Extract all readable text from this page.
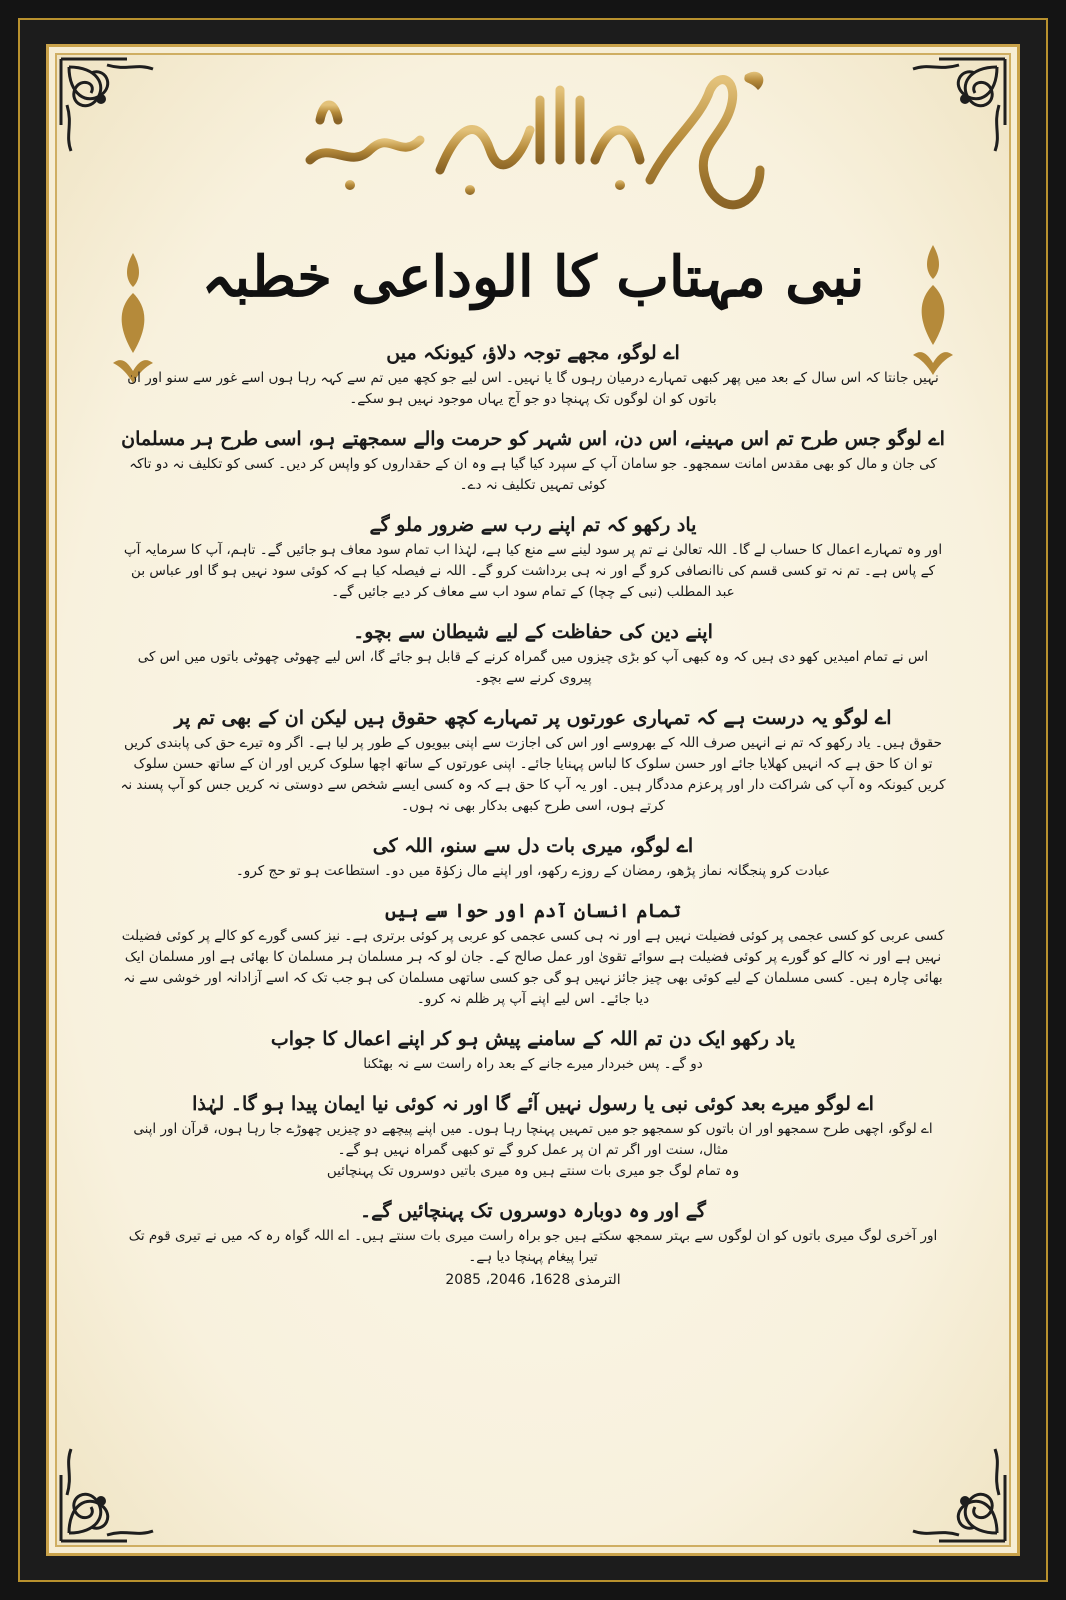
نبی مہتاب کا الوداعی خطبہ

اے لوگو، مجھے توجہ دلاؤ، کیونکہ میں

نہیں جانتا کہ اس سال کے بعد میں پھر کبھی تمہارے درمیان رہوں گا یا نہیں۔ اس لیے جو کچھ میں تم سے کہہ رہا ہوں اسے غور سے سنو اور ان باتوں کو ان لوگوں تک پہنچا دو جو آج یہاں موجود نہیں ہو سکے۔

اے لوگو جس طرح تم اس مہینے، اس دن، اس شہر کو حرمت والے سمجھتے ہو، اسی طرح ہر مسلمان

کی جان و مال کو بھی مقدس امانت سمجھو۔ جو سامان آپ کے سپرد کیا گیا ہے وہ ان کے حقداروں کو واپس کر دیں۔ کسی کو تکلیف نہ دو تاکہ کوئی تمہیں تکلیف نہ دے۔

یاد رکھو کہ تم اپنے رب سے ضرور ملو گے

اور وہ تمہارے اعمال کا حساب لے گا۔ اللہ تعالیٰ نے تم پر سود لینے سے منع کیا ہے، لہٰذا اب تمام سود معاف ہو جائیں گے۔ تاہم، آپ کا سرمایہ آپ کے پاس ہے۔ تم نہ تو کسی قسم کی ناانصافی کرو گے اور نہ ہی برداشت کرو گے۔ اللہ نے فیصلہ کیا ہے کہ کوئی سود نہیں ہو گا اور عباس بن عبد المطلب (نبی کے چچا) کے تمام سود اب سے معاف کر دیے جائیں گے۔

اپنے دین کی حفاظت کے لیے شیطان سے بچو۔

اس نے تمام امیدیں کھو دی ہیں کہ وہ کبھی آپ کو بڑی چیزوں میں گمراہ کرنے کے قابل ہو جائے گا، اس لیے چھوٹی چھوٹی باتوں میں اس کی پیروی کرنے سے بچو۔

اے لوگو یہ درست ہے کہ تمہاری عورتوں پر تمہارے کچھ حقوق ہیں لیکن ان کے بھی تم پر

حقوق ہیں۔ یاد رکھو کہ تم نے انہیں صرف اللہ کے بھروسے اور اس کی اجازت سے اپنی بیویوں کے طور پر لیا ہے۔ اگر وہ تیرے حق کی پابندی کریں تو ان کا حق ہے کہ انہیں کھلایا جائے اور حسن سلوک کا لباس پہنایا جائے۔ اپنی عورتوں کے ساتھ اچھا سلوک کریں اور ان کے ساتھ حسن سلوک کریں کیونکہ وہ آپ کی شراکت دار اور پرعزم مددگار ہیں۔ اور یہ آپ کا حق ہے کہ وہ کسی ایسے شخص سے دوستی نہ کریں جس کو آپ پسند نہ کرتے ہوں، اسی طرح کبھی بدکار بھی نہ ہوں۔

اے لوگو، میری بات دل سے سنو، اللہ کی

عبادت کرو پنجگانہ نماز پڑھو، رمضان کے روزے رکھو، اور اپنے مال زکوٰۃ میں دو۔ استطاعت ہو تو حج کرو۔

تمام انسان آدم اور حوا سے ہیں

کسی عربی کو کسی عجمی پر کوئی فضیلت نہیں ہے اور نہ ہی کسی عجمی کو عربی پر کوئی برتری ہے۔ نیز کسی گورے کو کالے پر کوئی فضیلت نہیں ہے اور نہ کالے کو گورے پر کوئی فضیلت ہے سوائے تقویٰ اور عمل صالح کے۔ جان لو کہ ہر مسلمان ہر مسلمان کا بھائی ہے اور مسلمان ایک بھائی چارہ ہیں۔ کسی مسلمان کے لیے کوئی بھی چیز جائز نہیں ہو گی جو کسی ساتھی مسلمان کی ہو جب تک کہ اسے آزادانہ اور خوشی سے نہ دیا جائے۔ اس لیے اپنے آپ پر ظلم نہ کرو۔

یاد رکھو ایک دن تم اللہ کے سامنے پیش ہو کر اپنے اعمال کا جواب

دو گے۔ پس خبردار میرے جانے کے بعد راہ راست سے نہ بھٹکنا

اے لوگو میرے بعد کوئی نبی یا رسول نہیں آئے گا اور نہ کوئی نیا ایمان پیدا ہو گا۔ لہٰذا

اے لوگو، اچھی طرح سمجھو اور ان باتوں کو سمجھو جو میں تمہیں پہنچا رہا ہوں۔ میں اپنے پیچھے دو چیزیں چھوڑے جا رہا ہوں، قرآن اور اپنی مثال، سنت اور اگر تم ان پر عمل کرو گے تو کبھی گمراہ نہیں ہو گے۔

وہ تمام لوگ جو میری بات سنتے ہیں وہ میری باتیں دوسروں تک پہنچائیں

گے اور وہ دوبارہ دوسروں تک پہنچائیں گے۔

اور آخری لوگ میری باتوں کو ان لوگوں سے بہتر سمجھ سکتے ہیں جو براہ راست میری بات سنتے ہیں۔ اے اللہ گواہ رہ کہ میں نے تیری قوم تک تیرا پیغام پہنچا دیا ہے۔

الترمذی 1628، 2046، 2085
